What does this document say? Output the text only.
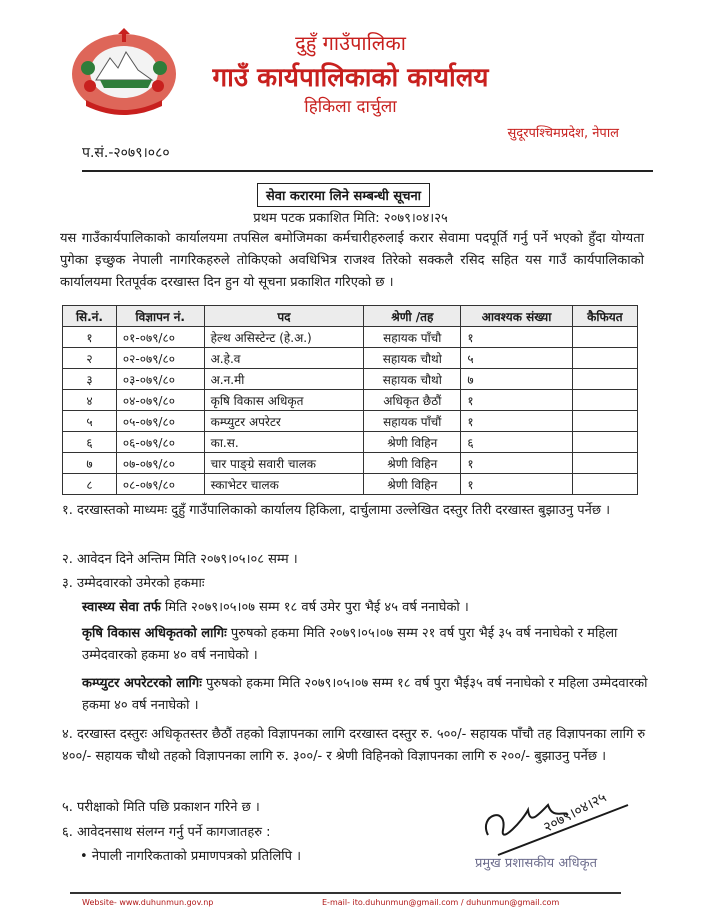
दुहुँ गाउँपालिका
गाउँ कार्यपालिकाको कार्यालय
हिकिला दार्चुला
सुदूरपश्चिमप्रदेश, नेपाल
प.सं.-२०७९।०८०
सेवा करारमा लिने सम्बन्धी सूचना
प्रथम पटक प्रकाशित मिति: २०७९।०४।२५
यस गाउँकार्यपालिकाको कार्यालयमा तपसिल बमोजिमका कर्मचारीहरुलाई करार सेवामा पदपूर्ति गर्नु पर्ने भएको हुँदा योग्यता पुगेका इच्छुक नेपाली नागरिकहरुले तोकिएको अवधिभित्र राजश्व तिरेको सक्कलै रसिद सहित यस गाउँ कार्यपालिकाको कार्यालयमा रितपूर्वक दरखास्त दिन हुन यो सूचना प्रकाशित गरिएको छ ।
सि.नं.	विज्ञापन नं.	पद	श्रेणी /तह	आवश्यक संख्या	कैफियत
१	०१-०७९/८०	हेल्थ असिस्टेन्ट (हे.अ.)	सहायक पाँचौ	१	
२	०२-०७९/८०	अ.हे.व	सहायक चौथो	५	
३	०३-०७९/८०	अ.न.मी	सहायक चौथो	७	
४	०४-०७९/८०	कृषि विकास अधिकृत	अधिकृत छैठौं	१	
५	०५-०७९/८०	कम्प्युटर अपरेटर	सहायक पाँचौं	१	
६	०६-०७९/८०	का.स.	श्रेणी विहिन	६	
७	०७-०७९/८०	चार पाङ्ग्रे सवारी चालक	श्रेणी विहिन	१	
८	०८-०७९/८०	स्काभेटर चालक	श्रेणी विहिन	१	
१. दरखास्तको माध्यमः दुहुँ गाउँपालिकाको कार्यालय हिकिला, दार्चुलामा उल्लेखित दस्तुर तिरी दरखास्त बुझाउनु पर्नेछ ।
२. आवेदन दिने अन्तिम मिति २०७९।०५।०८ सम्म ।
३. उम्मेदवारको उमेरको हकमाः
स्वास्थ्य सेवा तर्फ मिति २०७९।०५।०७ सम्म १८ वर्ष उमेर पुरा भैई ४५ वर्ष ननाघेको ।
कृषि विकास अधिकृतको लागिः पुरुषको हकमा मिति २०७९।०५।०७ सम्म २१ वर्ष पुरा भैई ३५ वर्ष ननाघेको र महिला उम्मेदवारको हकमा ४० वर्ष ननाघेको ।
कम्प्युटर अपरेटरको लागिः पुरुषको हकमा मिति २०७९।०५।०७ सम्म १८ वर्ष पुरा भैई३५ वर्ष ननाघेको र महिला उम्मेदवारको हकमा ४० वर्ष ननाघेको ।
४. दरखास्त दस्तुरः अधिकृतस्तर छैठौं तहको विज्ञापनका लागि दरखास्त दस्तुर रु. ५००/- सहायक पाँचौ तह विज्ञापनका लागि रु ४००/- सहायक चौथो तहको विज्ञापनका लागि रु. ३००/- र श्रेणी विहिनको विज्ञापनका लागि रु २००/- बुझाउनु पर्नेछ ।
५. परीक्षाको मिति पछि प्रकाशन गरिने छ ।
६. आवेदनसाथ संलग्न गर्नु पर्ने कागजातहरु :
• नेपाली नागरिकताको प्रमाणपत्रको प्रतिलिपि ।
२०७९।०४।२५
प्रमुख प्रशासकीय अधिकृत
Website- www.duhunmun.gov.np	E-mail- ito.duhunmun@gmail.com / duhunmun@gmail.com
